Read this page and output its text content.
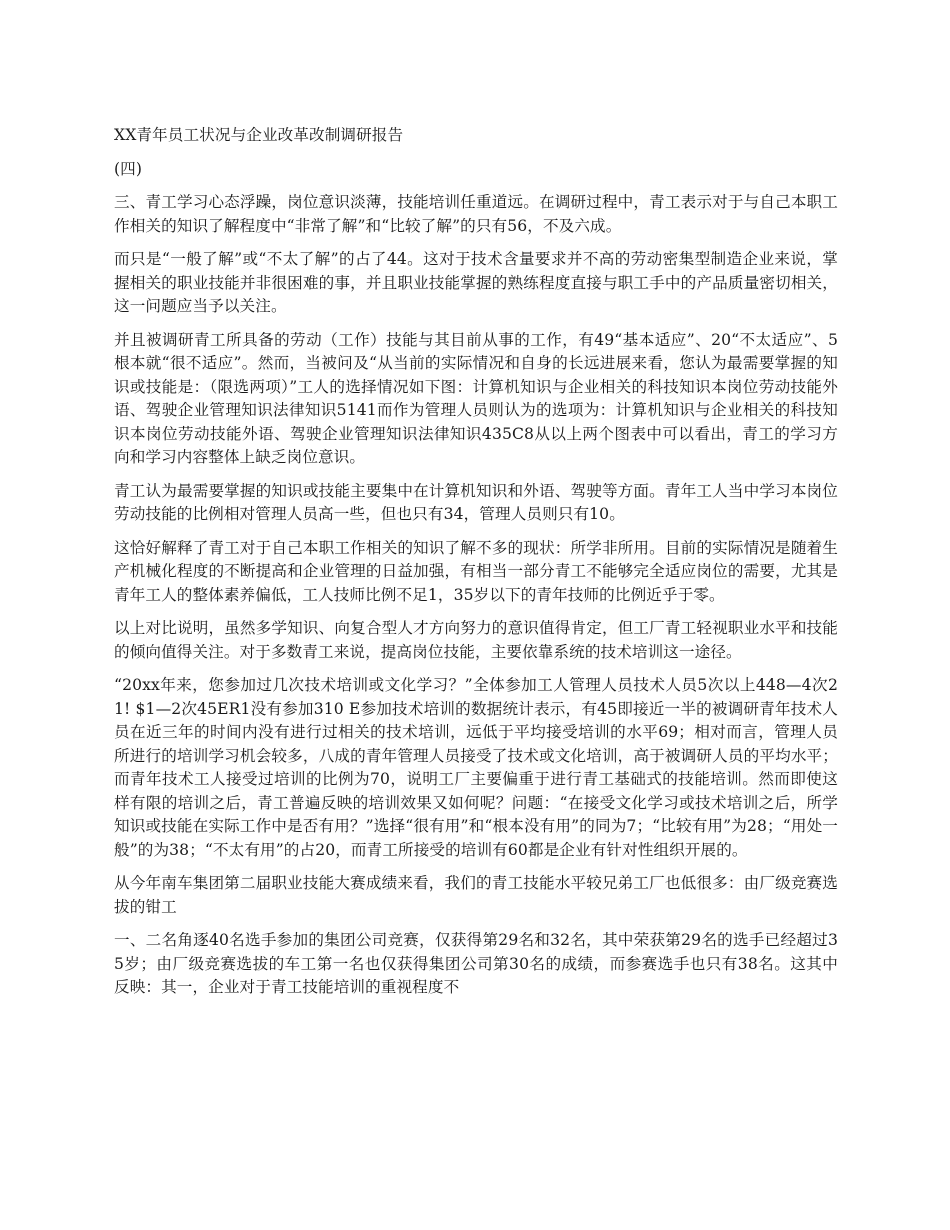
XX青年员工状况与企业改革改制调研报告

(四)

三、青工学习心态浮躁，岗位意识淡薄，技能培训任重道远。在调研过程中，青工表示对于与自己本职工作相关的知识了解程度中“非常了解”和“比较了解”的只有56，不及六成。

而只是“一般了解”或“不太了解”的占了44。这对于技术含量要求并不高的劳动密集型制造企业来说，掌握相关的职业技能并非很困难的事，并且职业技能掌握的熟练程度直接与职工手中的产品质量密切相关，这一问题应当予以关注。

并且被调研青工所具备的劳动（工作）技能与其目前从事的工作，有49“基本适应”、20“不太适应”、5根本就“很不适应”。然而，当被问及“从当前的实际情况和自身的长远进展来看，您认为最需要掌握的知识或技能是：（限选两项）”工人的选择情况如下图：计算机知识与企业相关的科技知识本岗位劳动技能外语、驾驶企业管理知识法律知识5141而作为管理人员则认为的选项为：计算机知识与企业相关的科技知识本岗位劳动技能外语、驾驶企业管理知识法律知识435C8从以上两个图表中可以看出，青工的学习方向和学习内容整体上缺乏岗位意识。

青工认为最需要掌握的知识或技能主要集中在计算机知识和外语、驾驶等方面。青年工人当中学习本岗位劳动技能的比例相对管理人员高一些，但也只有34，管理人员则只有10。

这恰好解释了青工对于自己本职工作相关的知识了解不多的现状：所学非所用。目前的实际情况是随着生产机械化程度的不断提高和企业管理的日益加强，有相当一部分青工不能够完全适应岗位的需要，尤其是青年工人的整体素养偏低，工人技师比例不足1，35岁以下的青年技师的比例近乎于零。

以上对比说明，虽然多学知识、向复合型人才方向努力的意识值得肯定，但工厂青工轻视职业水平和技能的倾向值得关注。对于多数青工来说，提高岗位技能，主要依靠系统的技术培训这一途径。

“20xx年来，您参加过几次技术培训或文化学习？”全体参加工人管理人员技术人员5次以上448—4次21! $1—2次45ER1没有参加310 E参加技术培训的数据统计表示，有45即接近一半的被调研青年技术人员在近三年的时间内没有进行过相关的技术培训，远低于平均接受培训的水平69；相对而言，管理人员所进行的培训学习机会较多，八成的青年管理人员接受了技术或文化培训，高于被调研人员的平均水平；而青年技术工人接受过培训的比例为70，说明工厂主要偏重于进行青工基础式的技能培训。然而即使这样有限的培训之后，青工普遍反映的培训效果又如何呢？问题：“在接受文化学习或技术培训之后，所学知识或技能在实际工作中是否有用？”选择“很有用”和“根本没有用”的同为7；“比较有用”为28；“用处一般”的为38；“不太有用”的占20，而青工所接受的培训有60都是企业有针对性组织开展的。

从今年南车集团第二届职业技能大赛成绩来看，我们的青工技能水平较兄弟工厂也低很多：由厂级竞赛选拔的钳工

一、二名角逐40名选手参加的集团公司竞赛，仅获得第29名和32名，其中荣获第29名的选手已经超过35岁；由厂级竞赛选拔的车工第一名也仅获得集团公司第30名的成绩，而参赛选手也只有38名。这其中反映：其一，企业对于青工技能培训的重视程度不
